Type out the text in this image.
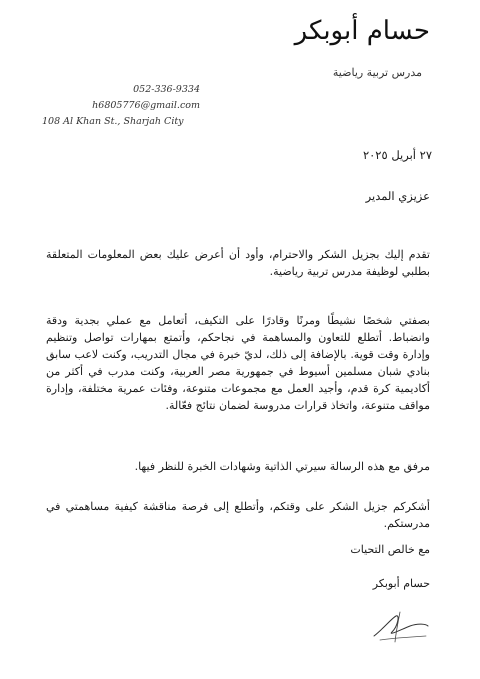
حسام أبوبكر
مدرس تربية رياضية
052-336-9334
h6805776@gmail.com
108 Al Khan St., Sharjah City
٢٧ أبريل ٢٠٢٥
عزيزي المدير

تقدم إليك بجزيل الشكر والاحترام، وأود أن أعرض عليك بعض المعلومات المتعلقة بطلبي لوظيفة مدرس تربية رياضية.

بصفتي شخصًا نشيطًا ومرنًا وقادرًا على التكيف، أتعامل مع عملي بجدية ودقة وانضباط. أتطلع للتعاون والمساهمة في نجاحكم، وأتمتع بمهارات تواصل وتنظيم وإدارة وقت قوية. بالإضافة إلى ذلك، لديّ خبرة في مجال التدريب، وكنت لاعب سابق بنادي شبان مسلمين أسيوط في جمهورية مصر العربية، وكنت مدرب في أكثر من أكاديمية كرة قدم، وأجيد العمل مع مجموعات متنوعة، وفئات عمرية مختلفة، وإدارة مواقف متنوعة، واتخاذ قرارات مدروسة لضمان نتائج فعّالة.

مرفق مع هذه الرسالة سيرتي الذاتية وشهادات الخبرة للنظر فيها.

أشكركم جزيل الشكر على وقتكم، وأتطلع إلى فرصة مناقشة كيفية مساهمتي في مدرستكم.

مع خالص التحيات

حسام أبوبكر
